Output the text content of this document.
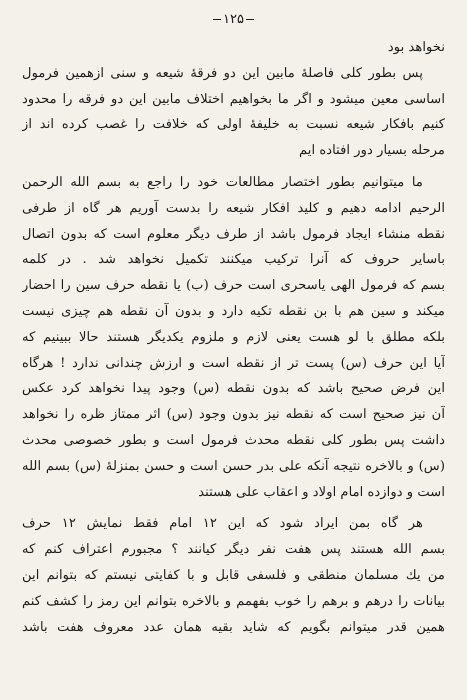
۱۲۵
نخواهد بود
پس بطور کلی فاصلهٔ مابین این دو فرقهٔ شیعه و سنی ازهمین فرمول
اساسی معین میشود و اگر ما بخواهیم اختلاف مابین این دو فرقه را محدود
کنیم بافکار شیعه نسبت به خلیفهٔ اولی که خلافت را غصب کرده اند از
مرحله بسیار دور افتاده ایم
ما میتوانیم بطور اختصار مطالعات خود را راجع به بسم الله الرحمن
الرحیم ادامه دهیم و کلید افکار شیعه را بدست آوریم هر گاه از طرفی
نقطه منشاء ایجاد فرمول باشد از طرف دیگر معلوم است که بدون اتصال
باسایر حروف که آنرا ترکیب میکنند تکمیل نخواهد شد . در کلمه
بسم که فرمول الهی یاسحری است حرف (ب) یا نقطه حرف سین را احضار
میکند و سین هم با بن نقطه تکیه دارد و بدون آن نقطه هم چیزی نیست
بلکه مطلق با لو هست یعنی لازم و ملزوم یکدیگر هستند حالا ببینیم که
آیا این حرف (س) پست تر از نقطه است و ارزش چندانی ندارد ! هرگاه
این فرض صحیح باشد که بدون نقطه (س) وجود پیدا نخواهد کرد عکس
آن نیز صحیح است که نقطه نیز بدون وجود (س) اثر ممتاز ظره را نخواهد
داشت پس بطور کلی نقطه محدث فرمول است و بطور خصوصی محدث
(س) و بالاخره نتیجه آنکه علی بدر حسن است و حسن بمنزلهٔ (س) بسم الله
است و دوازده امام اولاد و اعقاب علی هستند
هر گاه بمن ایراد شود که این ۱۲ امام فقط نمایش ۱۲ حرف
بسم الله هستند پس هفت نفر دیگر کیانند ؟ مجبورم اعتراف کنم که
من یك مسلمان منطقی و فلسفی قابل و با کفایتی نیستم که بتوانم این
بیانات را درهم و برهم را خوب بفهمم و بالاخره بتوانم این رمز را کشف کنم
همین قدر میتوانم بگویم که شاید بقیه همان عدد معروف هفت باشد
